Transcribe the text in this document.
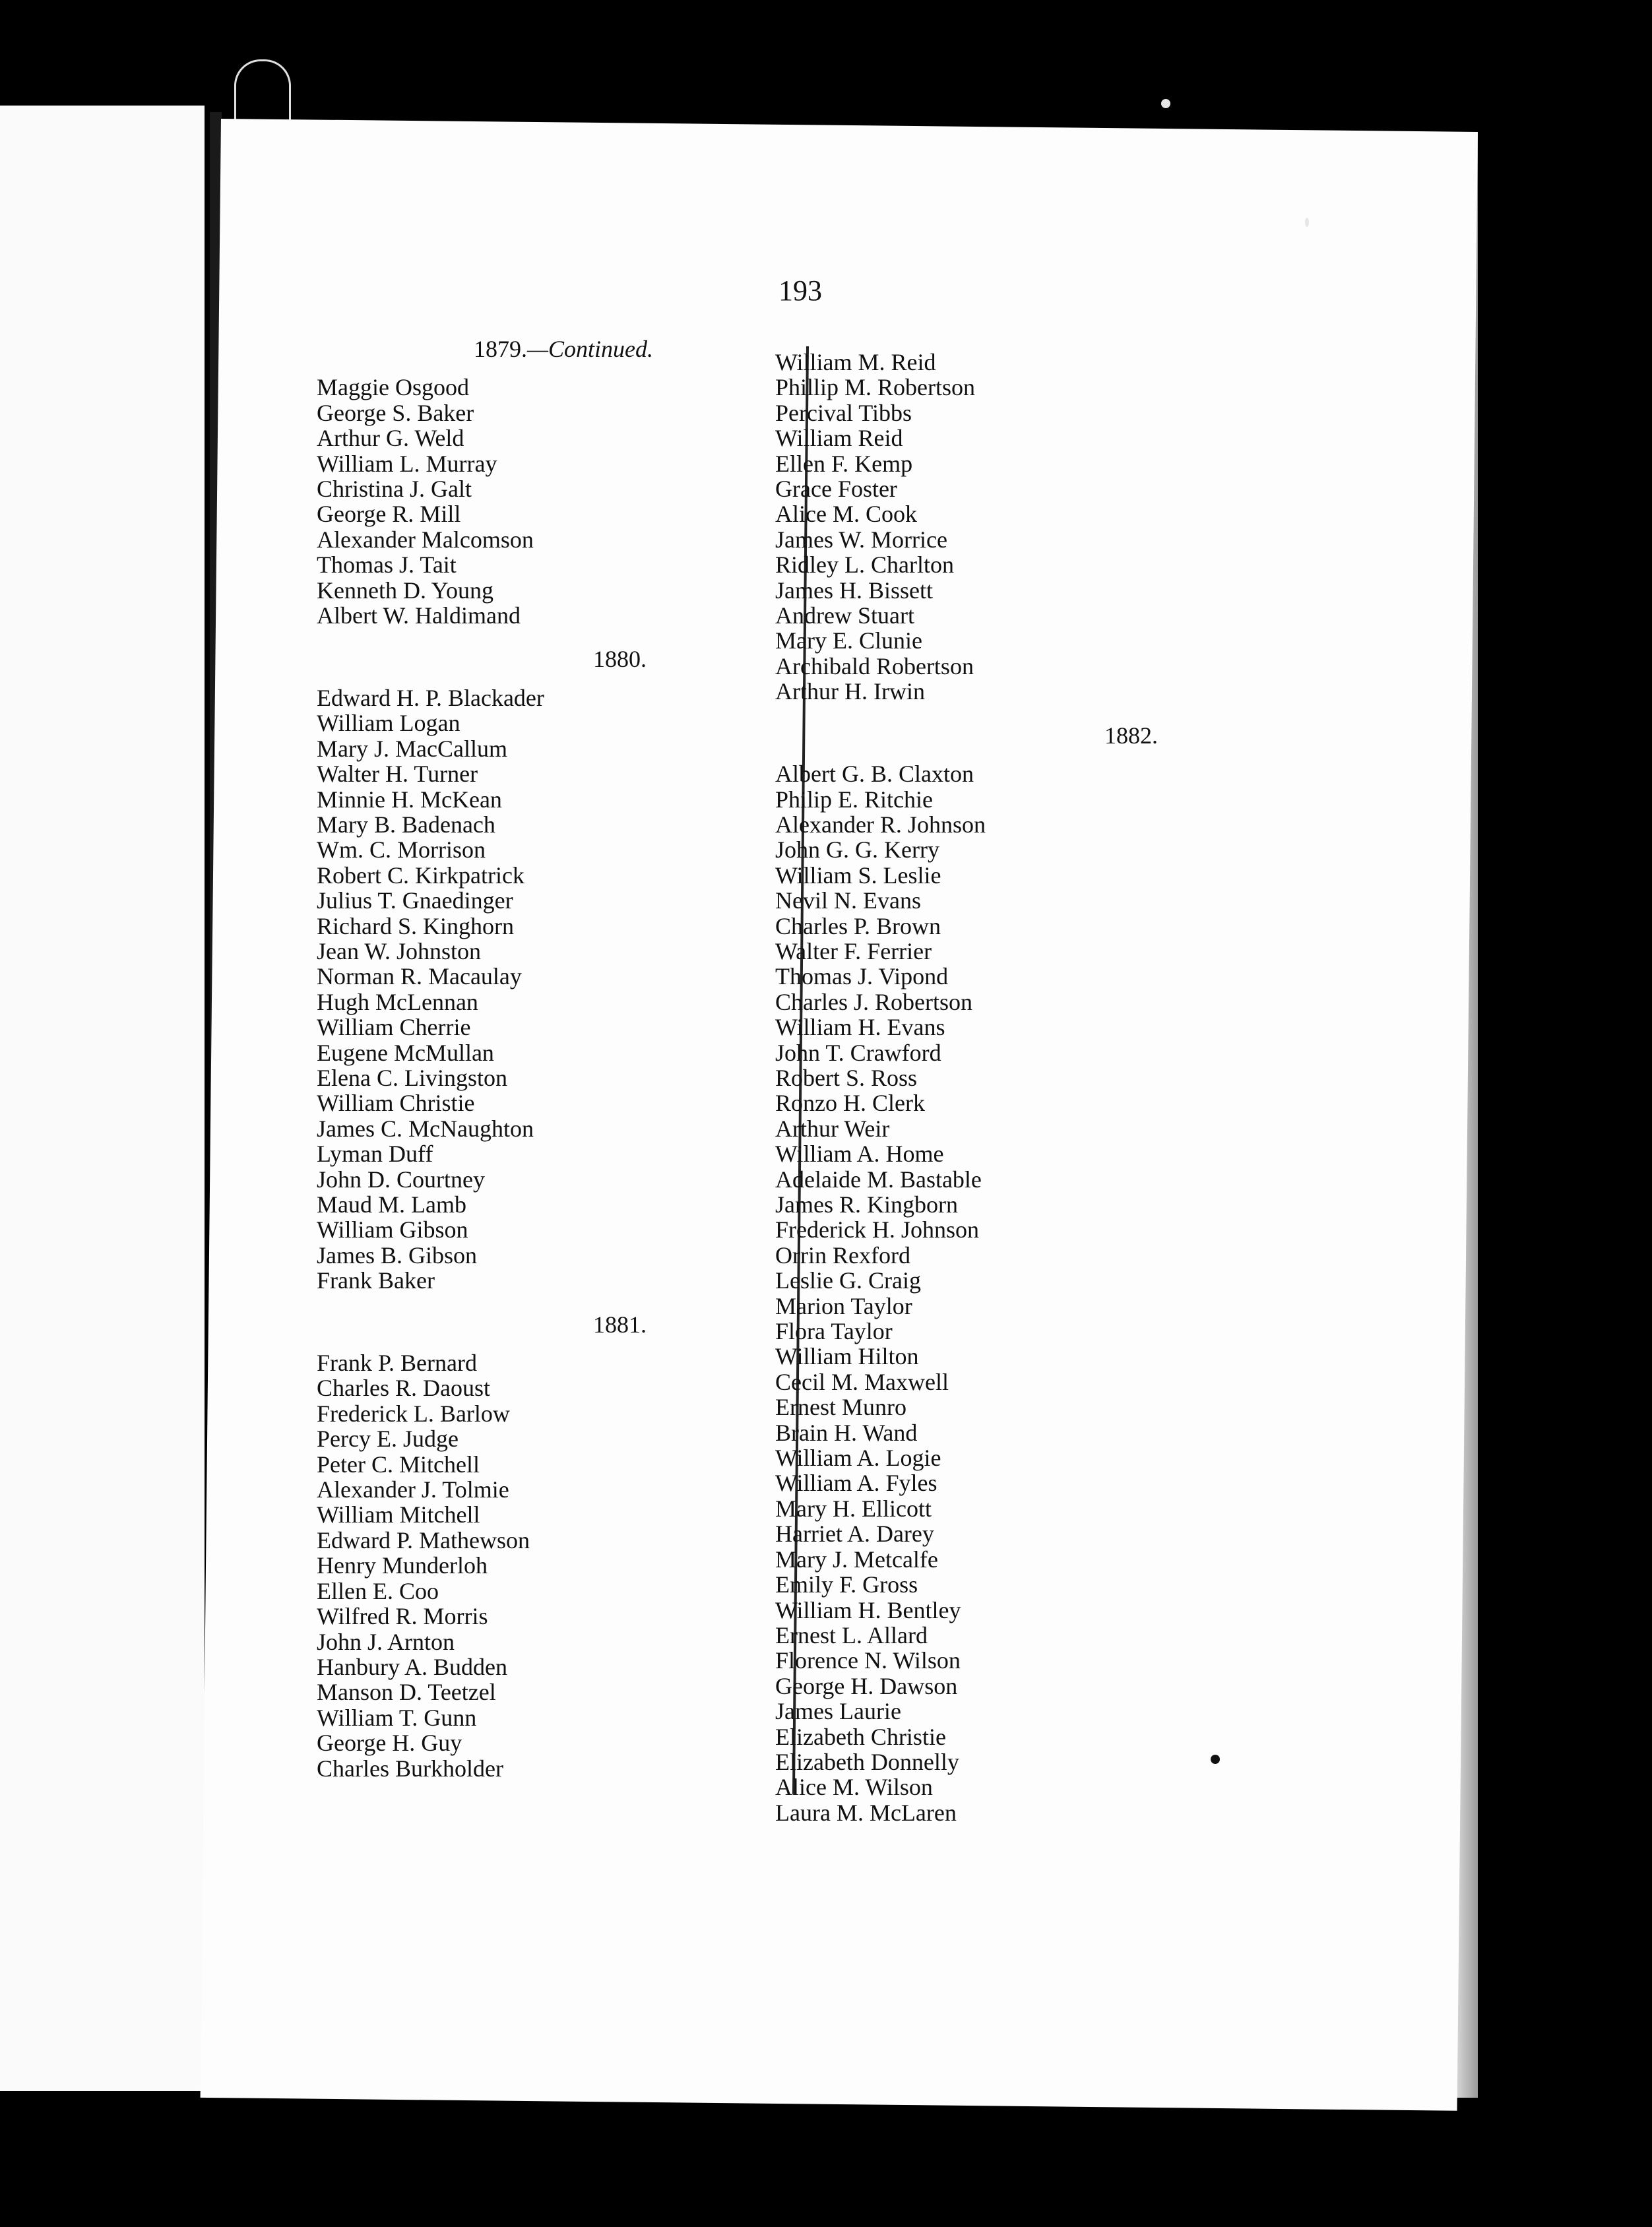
193
1879.—Continued.
Maggie Osgood
George S. Baker
Arthur G. Weld
William L. Murray
Christina J. Galt
George R. Mill
Alexander Malcomson
Thomas J. Tait
Kenneth D. Young
Albert W. Haldimand
1880.
Edward H. P. Blackader
William Logan
Mary J. MacCallum
Walter H. Turner
Minnie H. McKean
Mary B. Badenach
Wm. C. Morrison
Robert C. Kirkpatrick
Julius T. Gnaedinger
Richard S. Kinghorn
Jean W. Johnston
Norman R. Macaulay
Hugh McLennan
William Cherrie
Eugene McMullan
Elena C. Livingston
William Christie
James C. McNaughton
Lyman Duff
John D. Courtney
Maud M. Lamb
William Gibson
James B. Gibson
Frank Baker
1881.
Frank P. Bernard
Charles R. Daoust
Frederick L. Barlow
Percy E. Judge
Peter C. Mitchell
Alexander J. Tolmie
William Mitchell
Edward P. Mathewson
Henry Munderloh
Ellen E. Coo
Wilfred R. Morris
John J. Arnton
Hanbury A. Budden
Manson D. Teetzel
William T. Gunn
George H. Guy
Charles Burkholder
William M. Reid
Phillip M. Robertson
Percival Tibbs
William Reid
Ellen F. Kemp
Grace Foster
Alice M. Cook
James W. Morrice
Ridley L. Charlton
James H. Bissett
Andrew Stuart
Mary E. Clunie
Archibald Robertson
Arthur H. Irwin
1882.
Albert G. B. Claxton
Philip E. Ritchie
Alexander R. Johnson
John G. G. Kerry
William S. Leslie
Nevil N. Evans
Charles P. Brown
Walter F. Ferrier
Thomas J. Vipond
Charles J. Robertson
William H. Evans
John T. Crawford
Robert S. Ross
Ronzo H. Clerk
Arthur Weir
William A. Home
Adelaide M. Bastable
James R. Kingborn
Frederick H. Johnson
Orrin Rexford
Leslie G. Craig
Marion Taylor
Flora Taylor
William Hilton
Cecil M. Maxwell
Ernest Munro
Brain H. Wand
William A. Logie
William A. Fyles
Mary H. Ellicott
Harriet A. Darey
Mary J. Metcalfe
Emily F. Gross
William H. Bentley
Ernest L. Allard
Florence N. Wilson
George H. Dawson
James Laurie
Elizabeth Christie
Elizabeth Donnelly
Alice M. Wilson
Laura M. McLaren
